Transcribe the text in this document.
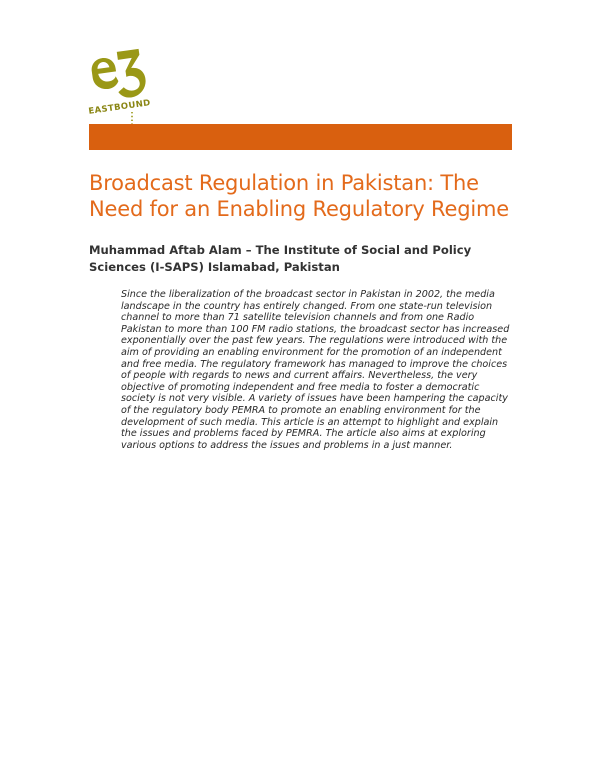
EASTBOUND
Broadcast Regulation in Pakistan: The Need for an Enabling Regulatory Regime

Muhammad Aftab Alam – The Institute of Social and Policy Sciences (I-SAPS) Islamabad, Pakistan

Since the liberalization of the broadcast sector in Pakistan in 2002, the media landscape in the country has entirely changed. From one state-run television channel to more than 71 satellite television channels and from one Radio Pakistan to more than 100 FM radio stations, the broadcast sector has increased exponentially over the past few years. The regulations were introduced with the aim of providing an enabling environment for the promotion of an independent and free media. The regulatory framework has managed to improve the choices of people with regards to news and current affairs. Nevertheless, the very objective of promoting independent and free media to foster a democratic society is not very visible. A variety of issues have been hampering the capacity of the regulatory body PEMRA to promote an enabling environment for the development of such media. This article is an attempt to highlight and explain the issues and problems faced by PEMRA. The article also aims at exploring various options to address the issues and problems in a just manner.
